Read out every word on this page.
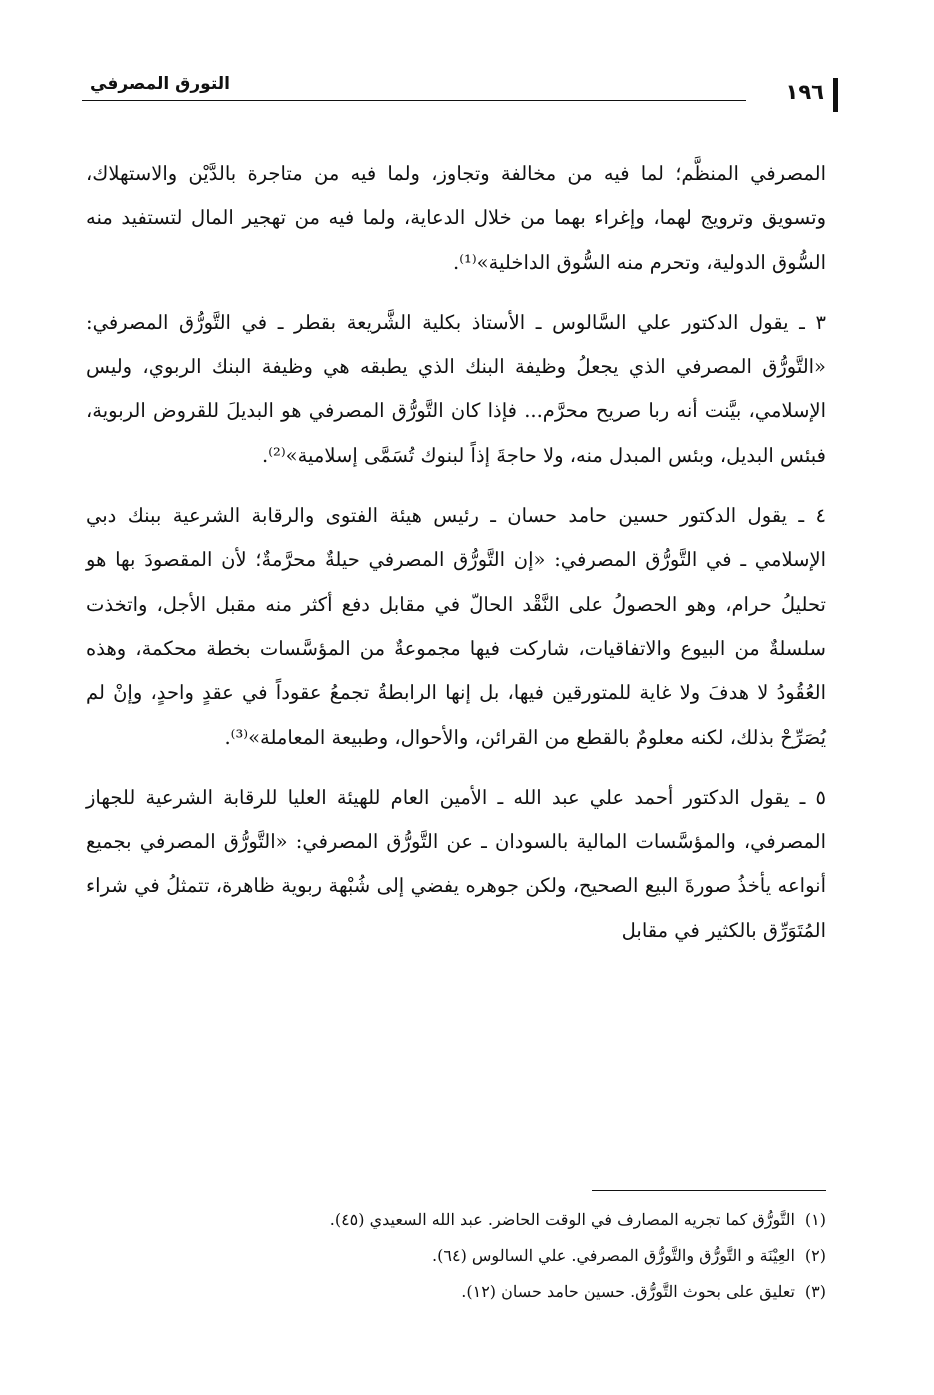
التورق المصرفي	١٩٦

المصرفي المنظَّم؛ لما فيه من مخالفة وتجاوز، ولما فيه من متاجرة بالدَّيْن والاستهلاك، وتسويق وترويج لهما، وإغراء بهما من خلال الدعاية، ولما فيه من تهجير المال لتستفيد منه السُّوق الدولية، وتحرم منه السُّوق الداخلية»⁽¹⁾.

٣ ـ يقول الدكتور علي السَّالوس ـ الأستاذ بكلية الشَّريعة بقطر ـ في التَّورُّق المصرفي: «التَّورُّق المصرفي الذي يجعلُ وظيفة البنك الذي يطبقه هي وظيفة البنك الربوي، وليس الإسلامي، بيَّنت أنه ربا صريح محرَّم... فإذا كان التَّورُّق المصرفي هو البديلَ للقروض الربوية، فبئس البديل، وبئس المبدل منه، ولا حاجةَ إذاً لبنوك تُسَمَّى إسلامية»⁽²⁾.

٤ ـ يقول الدكتور حسين حامد حسان ـ رئيس هيئة الفتوى والرقابة الشرعية ببنك دبي الإسلامي ـ في التَّورُّق المصرفي: «إن التَّورُّق المصرفي حيلةٌ محرَّمةٌ؛ لأن المقصودَ بها هو تحليلُ حرام، وهو الحصولُ على النَّقْد الحالّ في مقابل دفع أكثر منه مقبل الأجل، واتخذت سلسلةٌ من البيوع والاتفاقيات، شاركت فيها مجموعةٌ من المؤسَّسات بخطة محكمة، وهذه العُقُودُ لا هدفَ ولا غاية للمتورقين فيها، بل إنها الرابطةُ تجمعُ عقوداً في عقدٍ واحدٍ، وإنْ لم يُصَرِّحْ بذلك، لكنه معلومٌ بالقطع من القرائن، والأحوال، وطبيعة المعاملة»⁽³⁾.

٥ ـ يقول الدكتور أحمد علي عبد الله ـ الأمين العام للهيئة العليا للرقابة الشرعية للجهاز المصرفي، والمؤسَّسات المالية بالسودان ـ عن التَّورُّق المصرفي: «التَّورُّق المصرفي بجميع أنواعه يأخذُ صورةَ البيع الصحيح، ولكن جوهره يفضي إلى شُبْهة ربوية ظاهرة، تتمثلُ في شراء المُتَوَرِّق بالكثير في مقابل

(١)التَّورُّق كما تجريه المصارف في الوقت الحاضر. عبد الله السعيدي (٤٥).

(٢)العِيْنَة و التَّورُّق والتَّورُّق المصرفي. علي السالوس (٦٤).

(٣)تعليق على بحوث التَّورُّق. حسين حامد حسان (١٢).
